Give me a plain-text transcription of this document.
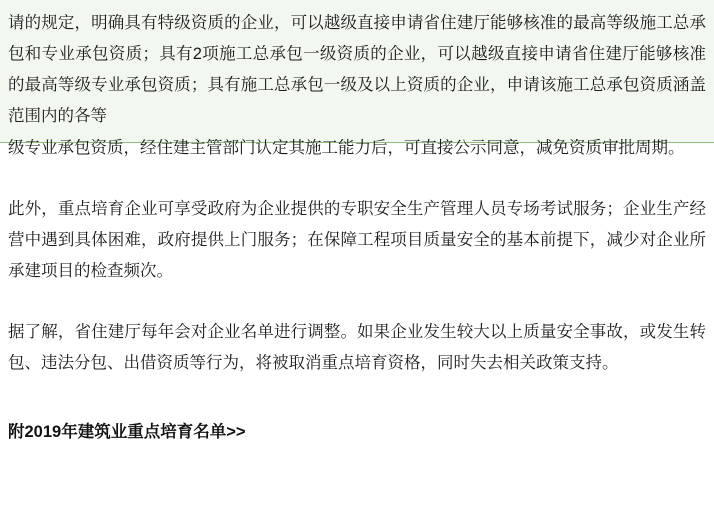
请的规定，明确具有特级资质的企业，可以越级直接申请省住建厅能够核准的最高等级施工总承包和专业承包资质；具有2项施工总承包一级资质的企业，可以越级直接申请省住建厅能够核准的最高等级专业承包资质；具有施工总承包一级及以上资质的企业，申请该施工总承包资质涵盖范围内的各等

级专业承包资质，经住建主管部门认定其施工能力后，可直接公示同意，减免资质审批周期。

此外，重点培育企业可享受政府为企业提供的专职安全生产管理人员专场考试服务；企业生产经营中遇到具体困难，政府提供上门服务；在保障工程项目质量安全的基本前提下，减少对企业所承建项目的检查频次。

据了解，省住建厅每年会对企业名单进行调整。如果企业发生较大以上质量安全事故，或发生转包、违法分包、出借资质等行为，将被取消重点培育资格，同时失去相关政策支持。

附2019年建筑业重点培育名单>>
